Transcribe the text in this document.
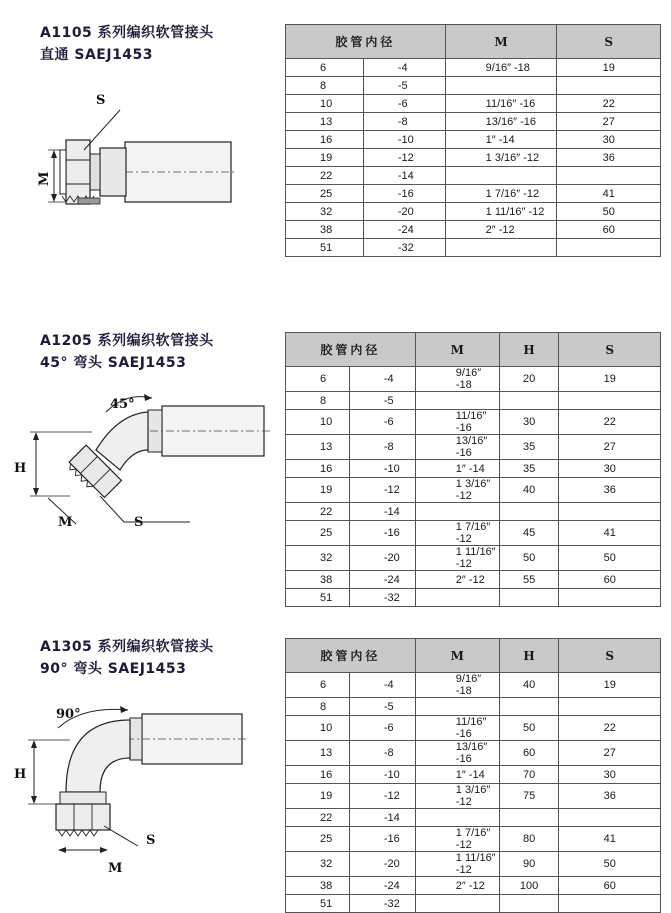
A1105 系列编织软管接头
直通 SAEJ1453
S
M
胶管内径		M	S
6	-4	9/16″ -18	19
8	-5		
10	-6	11/16″ -16	22
13	-8	13/16″ -16	27
16	-10	1″ -14	30
19	-12	1 3/16″ -12	36
22	-14		
25	-16	1 7/16″ -12	41
32	-20	1 11/16″ -12	50
38	-24	2″ -12	60
51	-32		
A1205 系列编织软管接头
45° 弯头 SAEJ1453
45°
H
M	S
胶管内径		M	H	S
6	-4	9/16″ -18	20	19
8	-5			
10	-6	11/16″ -16	30	22
13	-8	13/16″ -16	35	27
16	-10	1″ -14	35	30
19	-12	1 3/16″ -12	40	36
22	-14			
25	-16	1 7/16″ -12	45	41
32	-20	1 11/16″ -12	50	50
38	-24	2″ -12	55	60
51	-32			
A1305 系列编织软管接头
90° 弯头 SAEJ1453
90°
H
S
M
胶管内径		M	H	S
6	-4	9/16″ -18	40	19
8	-5			
10	-6	11/16″ -16	50	22
13	-8	13/16″ -16	60	27
16	-10	1″ -14	70	30
19	-12	1 3/16″ -12	75	36
22	-14			
25	-16	1 7/16″ -12	80	41
32	-20	1 11/16″ -12	90	50
38	-24	2″ -12	100	60
51	-32			
